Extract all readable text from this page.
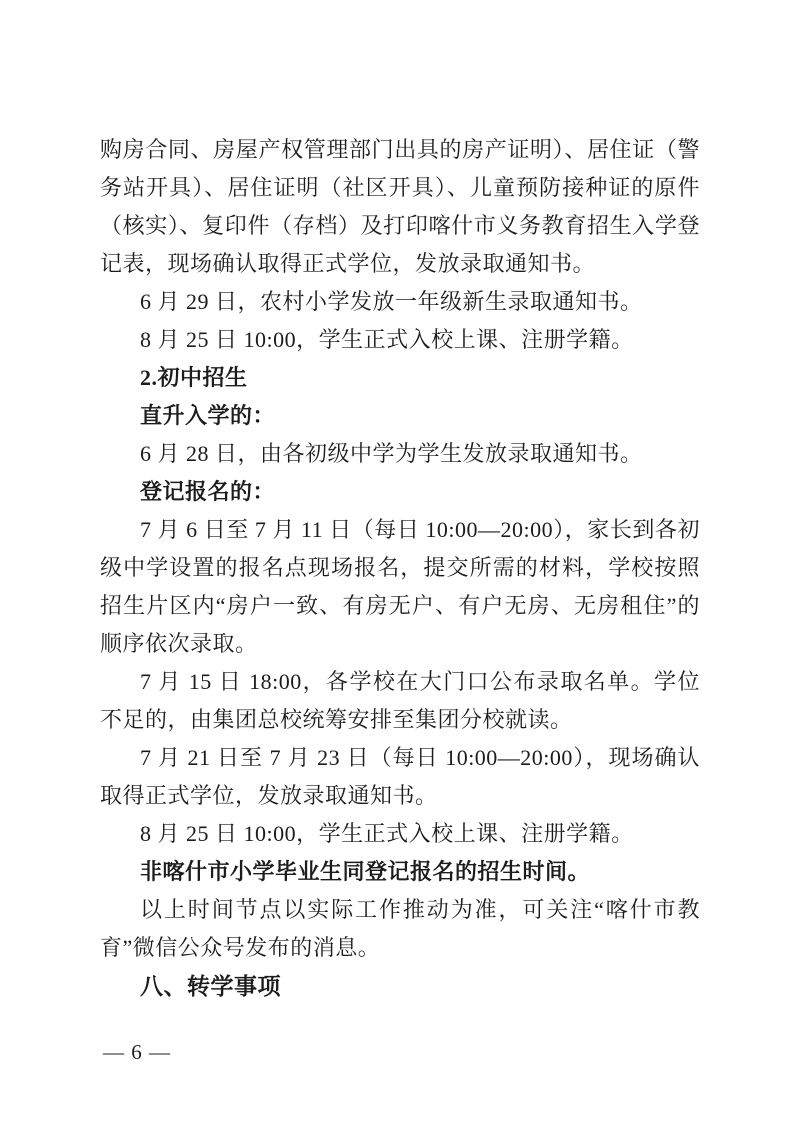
购房合同、房屋产权管理部门出具的房产证明）、居住证（警务站开具）、居住证明（社区开具）、儿童预防接种证的原件（核实）、复印件（存档）及打印喀什市义务教育招生入学登记表，现场确认取得正式学位，发放录取通知书。

6 月 29 日，农村小学发放一年级新生录取通知书。

8 月 25 日 10:00，学生正式入校上课、注册学籍。

2.初中招生

直升入学的：

6 月 28 日，由各初级中学为学生发放录取通知书。

登记报名的：

7 月 6 日至 7 月 11 日（每日 10:00—20:00），家长到各初级中学设置的报名点现场报名，提交所需的材料，学校按照招生片区内“房户一致、有房无户、有户无房、无房租住”的顺序依次录取。

7 月 15 日 18:00，各学校在大门口公布录取名单。学位不足的，由集团总校统筹安排至集团分校就读。

7 月 21 日至 7 月 23 日（每日 10:00—20:00），现场确认取得正式学位，发放录取通知书。

8 月 25 日 10:00，学生正式入校上课、注册学籍。

非喀什市小学毕业生同登记报名的招生时间。

以上时间节点以实际工作推动为准，可关注“喀什市教育”微信公众号发布的消息。

八、转学事项

— 6 —
